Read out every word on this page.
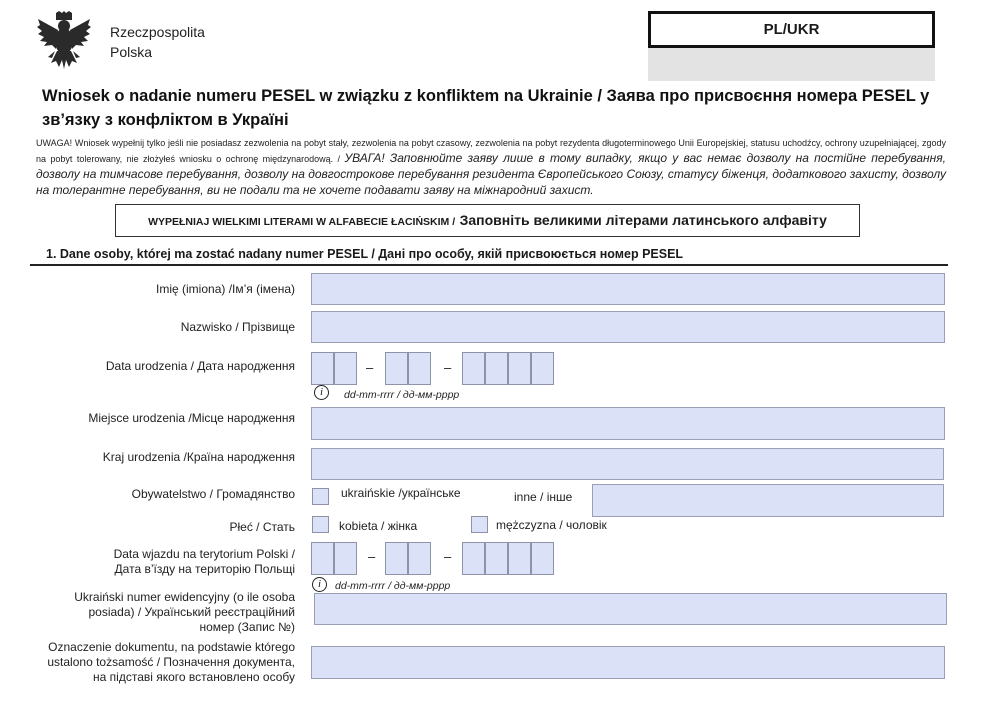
Rzeczpospolita
Polska
PL/UKR
Wniosek o nadanie numeru PESEL w związku z konfliktem na Ukrainie / Заява про присвоєння номера PESEL у зв’язку з конфліктом в Україні
UWAGA! Wniosek wypełnij tylko jeśli nie posiadasz zezwolenia na pobyt stały, zezwolenia na pobyt czasowy, zezwolenia na pobyt rezydenta długoterminowego Unii Europejskiej, statusu uchodźcy, ochrony uzupełniającej, zgody na pobyt tolerowany, nie złożyłeś wniosku o ochronę międzynarodową. / УВАГА! Заповнюйте заяву лише в тому випадку, якщо у вас немає дозволу на постійне перебування, дозволу на тимчасове перебування, дозволу на довгострокове перебування резидента Європейського Союзу, статусу біженця, додаткового захисту, дозволу на толерантне перебування, ви не подали та не хочете подавати заяву на міжнародний захист.
WYPEŁNIAJ WIELKIMI LITERAMI W ALFABECIE ŁACIŃSKIM / Заповніть великими літерами латинського алфавіту
1. Dane osoby, której ma zostać nadany numer PESEL / Дані про особу, якій присвоюється номер PESEL
Imię (imiona) /Ім’я (імена)
Nazwisko / Прізвище
Data urodzenia / Дата народження	–	–
i	dd-mm-rrrr / дд-мм-рррр
Miejsce urodzenia /Місце народження
Kraj urodzenia /Країна народження
Obywatelstwo / Громадянство	ukraińskie /українське	inne / інше
Płeć / Стать	kobieta / жінка	mężczyzna / чоловік
Data wjazdu na terytorium Polski /
Дата в’їзду на територію Польщі
–	–
i	dd-mm-rrrr / дд-мм-рррр
Ukraiński numer ewidencyjny (o ile osoba
posiada) / Український реєстраційний
номер (Запис №)
Oznaczenie dokumentu, na podstawie którego
ustalono tożsamość / Позначення документа,
на підставі якого встановлено особу
